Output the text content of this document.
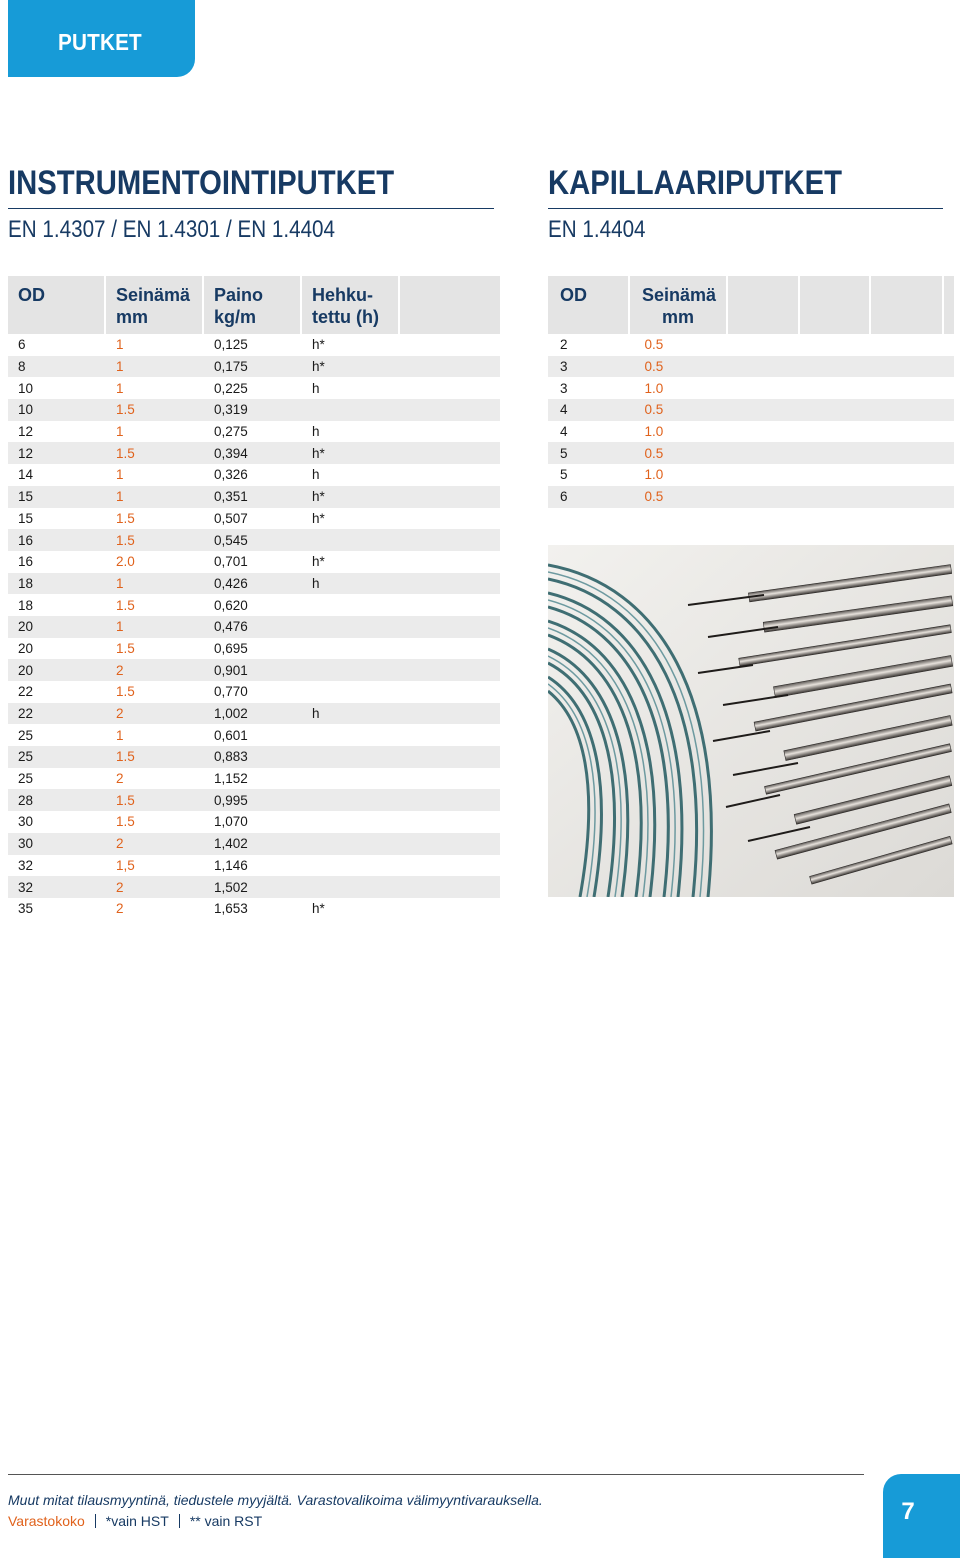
PUTKET
INSTRUMENTOINTIPUTKET
EN 1.4307 / EN 1.4301 / EN 1.4404
OD	Seinämä mm	Paino kg/m	Hehku-tettu (h)	
6	1	0,125	h*	
8	1	0,175	h*	
10	1	0,225	h	
10	1.5	0,319		
12	1	0,275	h	
12	1.5	0,394	h*	
14	1	0,326	h	
15	1	0,351	h*	
15	1.5	0,507	h*	
16	1.5	0,545		
16	2.0	0,701	h*	
18	1	0,426	h	
18	1.5	0,620		
20	1	0,476		
20	1.5	0,695		
20	2	0,901		
22	1.5	0,770		
22	2	1,002	h	
25	1	0,601		
25	1.5	0,883		
25	2	1,152		
28	1.5	0,995		
30	1.5	1,070		
30	2	1,402		
32	1,5	1,146		
32	2	1,502		
35	2	1,653	h*	
KAPILLAARIPUTKET
EN 1.4404
OD	Seinämä mm				
2	0.5				
3	0.5				
3	1.0				
4	0.5				
4	1.0				
5	0.5				
5	1.0				
6	0.5				
Muut mitat tilausmyyntinä, tiedustele myyjältä. Varastovalikoima välimyyntivarauksella.
Varastokoko *vain HST ** vain RST	7
